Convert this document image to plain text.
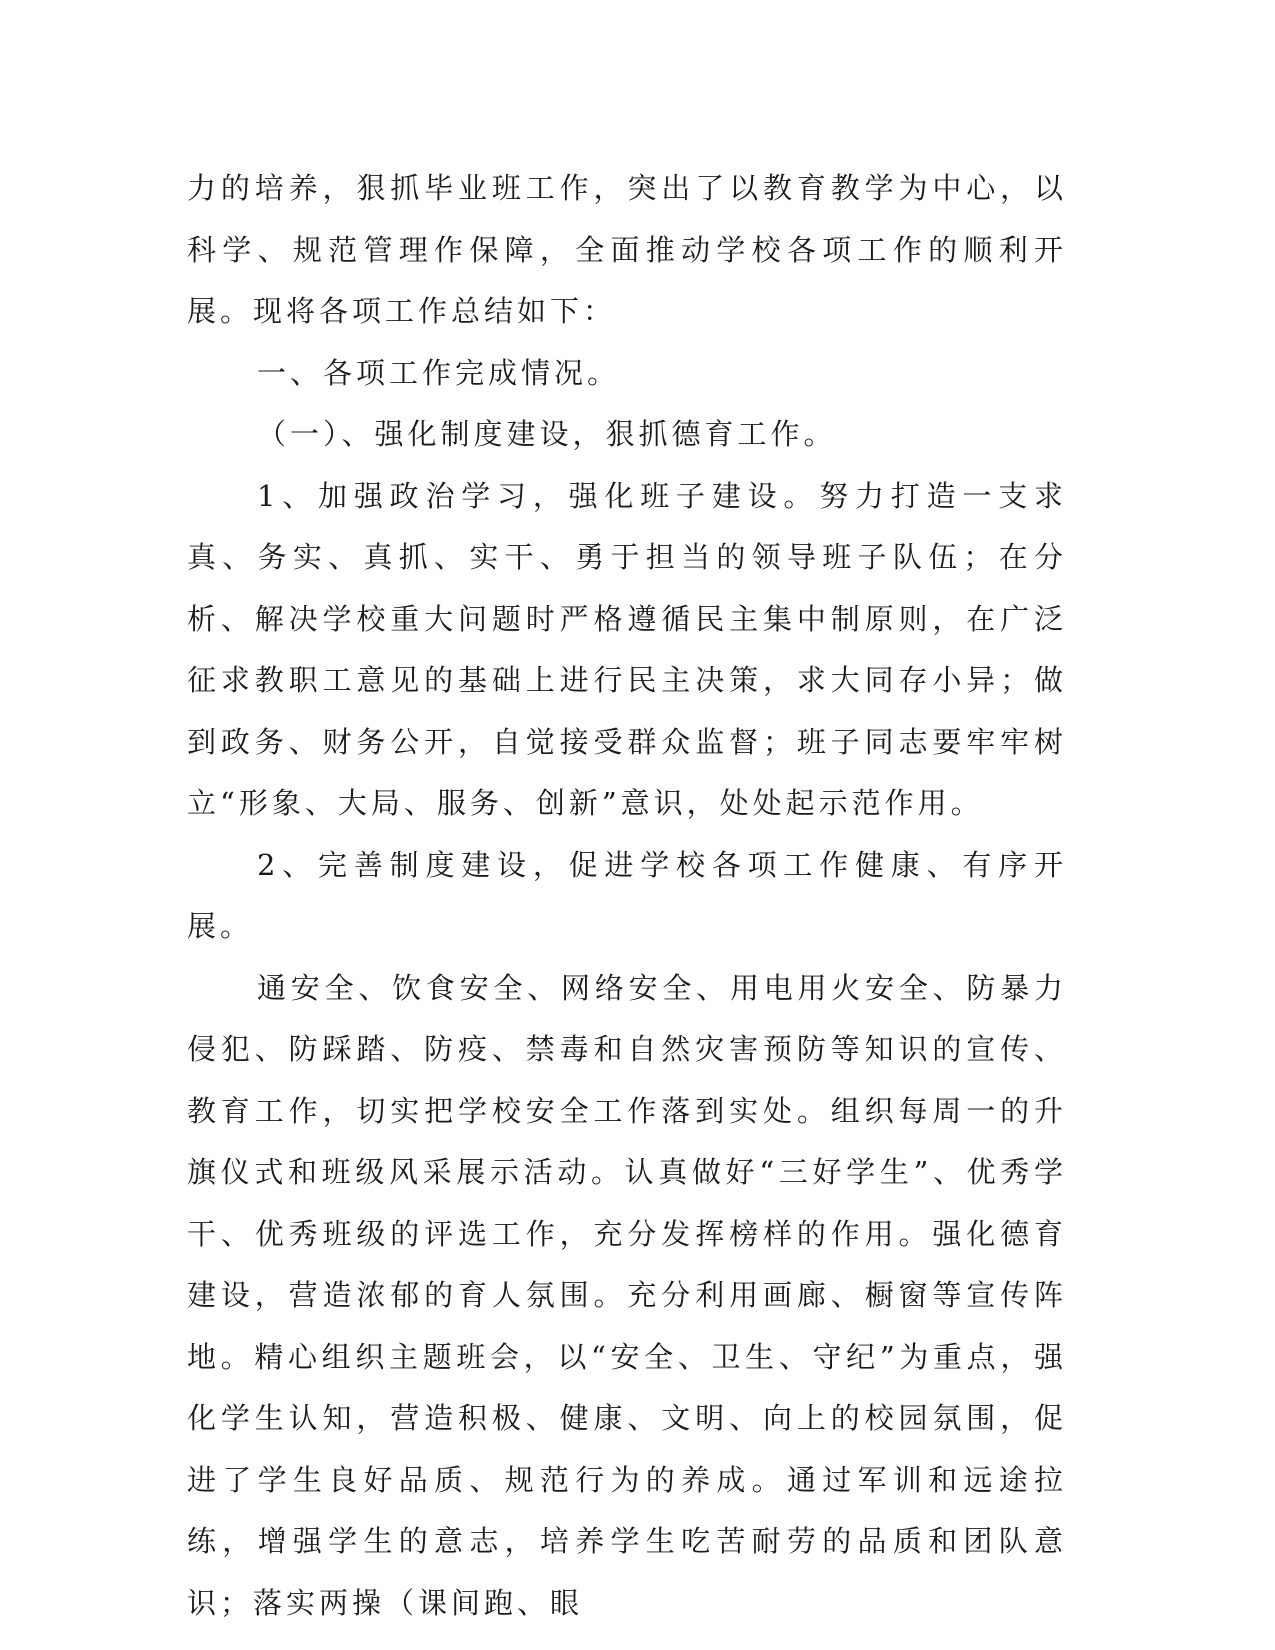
力的培养，狠抓毕业班工作，突出了以教育教学为中心，以科学、规范管理作保障，全面推动学校各项工作的顺利开展。现将各项工作总结如下：

一、各项工作完成情况。

（一）、强化制度建设，狠抓德育工作。

1、加强政治学习，强化班子建设。努力打造一支求真、务实、真抓、实干、勇于担当的领导班子队伍；在分析、解决学校重大问题时严格遵循民主集中制原则，在广泛征求教职工意见的基础上进行民主决策，求大同存小异；做到政务、财务公开，自觉接受群众监督；班子同志要牢牢树立“形象、大局、服务、创新”意识，处处起示范作用。

2、完善制度建设，促进学校各项工作健康、有序开展。

通安全、饮食安全、网络安全、用电用火安全、防暴力侵犯、防踩踏、防疫、禁毒和自然灾害预防等知识的宣传、教育工作，切实把学校安全工作落到实处。组织每周一的升旗仪式和班级风采展示活动。认真做好“三好学生”、优秀学干、优秀班级的评选工作，充分发挥榜样的作用。强化德育建设，营造浓郁的育人氛围。充分利用画廊、橱窗等宣传阵地。精心组织主题班会，以“安全、卫生、守纪”为重点，强化学生认知，营造积极、健康、文明、向上的校园氛围，促进了学生良好品质、规范行为的养成。通过军训和远途拉练，增强学生的意志，培养学生吃苦耐劳的品质和团队意识；落实两操（课间跑、眼
